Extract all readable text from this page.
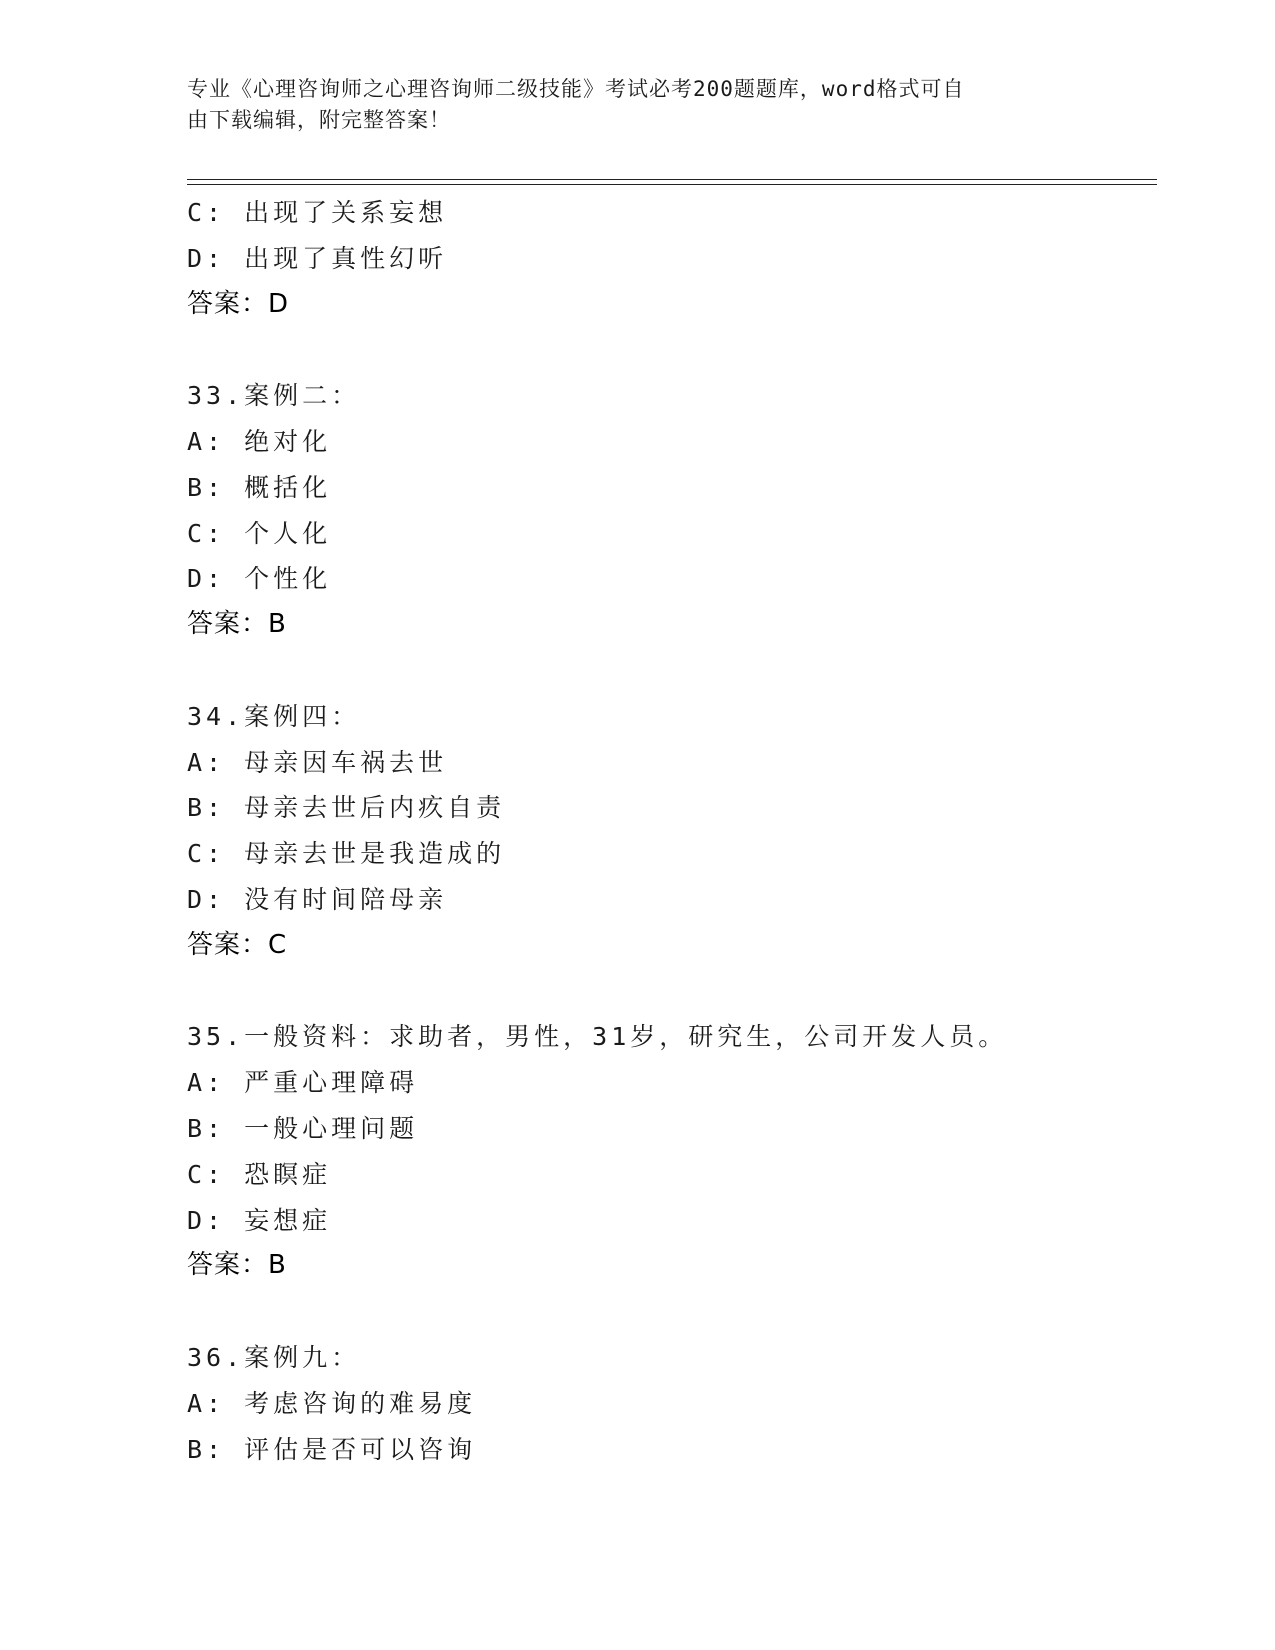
专业《心理咨询师之心理咨询师二级技能》考试必考200题题库，word格式可自
由下载编辑，附完整答案！
C: 出现了关系妄想
D: 出现了真性幻听
答案：D
33.案例二：
A: 绝对化
B: 概括化
C: 个人化
D: 个性化
答案：B
34.案例四：
A: 母亲因车祸去世
B: 母亲去世后内疚自责
C: 母亲去世是我造成的
D: 没有时间陪母亲
答案：C
35.一般资料：求助者，男性，31岁，研究生，公司开发人员。
A: 严重心理障碍
B: 一般心理问题
C: 恐瞑症
D: 妄想症
答案：B
36.案例九：
A: 考虑咨询的难易度
B: 评估是否可以咨询
